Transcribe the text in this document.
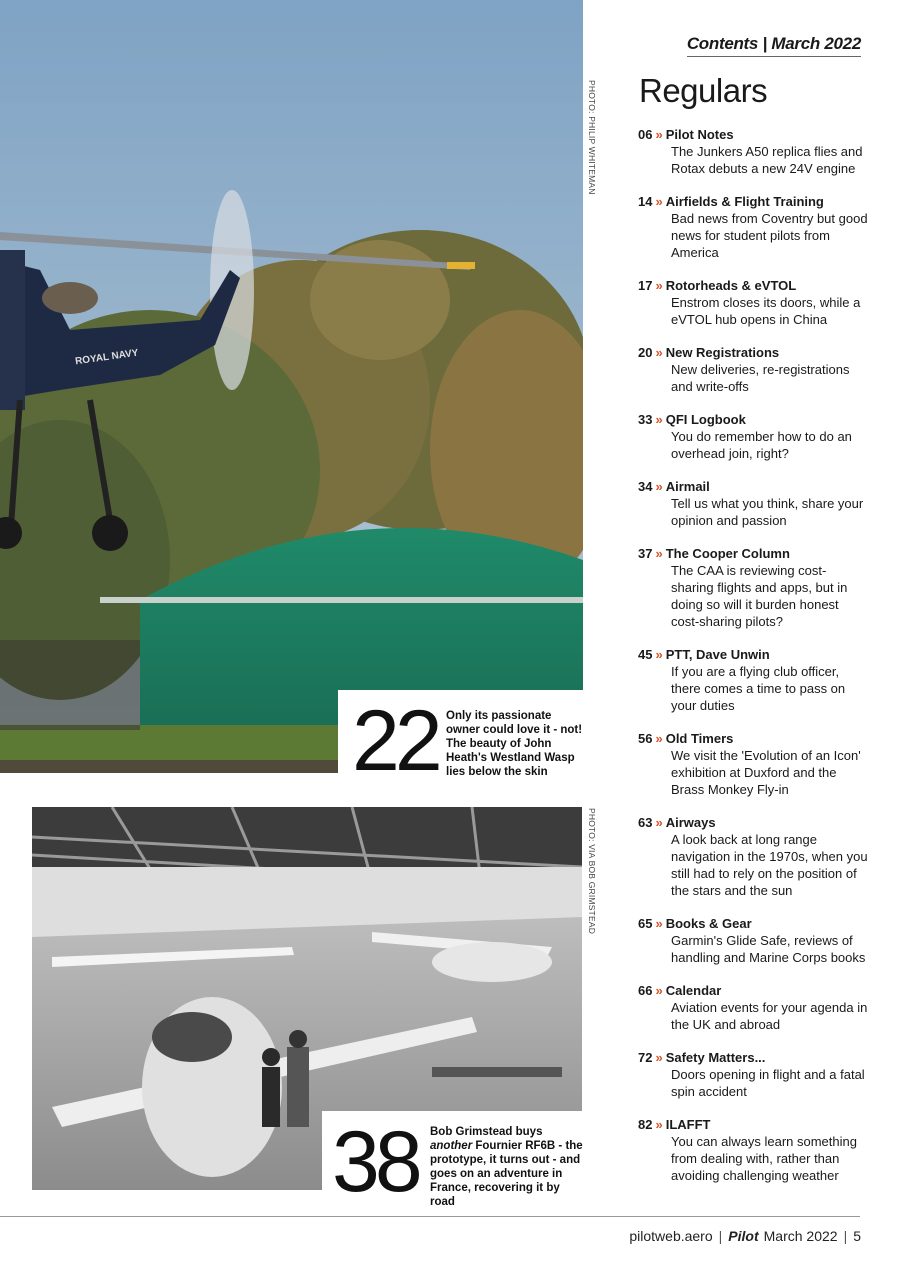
ROYAL NAVY
PHOTO: PHILIP WHITEMAN
22 Only its passionate owner could love it - not! The beauty of John Heath's Westland Wasp lies below the skin
PHOTO: VIA BOB GRIMSTEAD
38 Bob Grimstead buys another Fournier RF6B - the prototype, it turns out - and goes on an adventure in France, recovering it by road
Contents | March 2022
Regulars
06 » Pilot Notes
The Junkers A50 replica flies and Rotax debuts a new 24V engine
14 » Airfields & Flight Training
Bad news from Coventry but good news for student pilots from America
17 » Rotorheads & eVTOL
Enstrom closes its doors, while a eVTOL hub opens in China
20 » New Registrations
New deliveries, re-registrations and write-offs
33 » QFI Logbook
You do remember how to do an overhead join, right?
34 » Airmail
Tell us what you think, share your opinion and passion
37 » The Cooper Column
The CAA is reviewing cost-sharing flights and apps, but in doing so will it burden honest cost-sharing pilots?
45 » PTT, Dave Unwin
If you are a flying club officer, there comes a time to pass on your duties
56 » Old Timers
We visit the 'Evolution of an Icon' exhibition at Duxford and the Brass Monkey Fly-in
63 » Airways
A look back at long range navigation in the 1970s, when you still had to rely on the position of the stars and the sun
65 » Books & Gear
Garmin's Glide Safe, reviews of handling and Marine Corps books
66 » Calendar
Aviation events for your agenda in the UK and abroad
72 » Safety Matters...
Doors opening in flight and a fatal spin accident
82 » ILAFFT
You can always learn something from dealing with, rather than avoiding challenging weather
pilotweb.aero | Pilot March 2022 | 5
